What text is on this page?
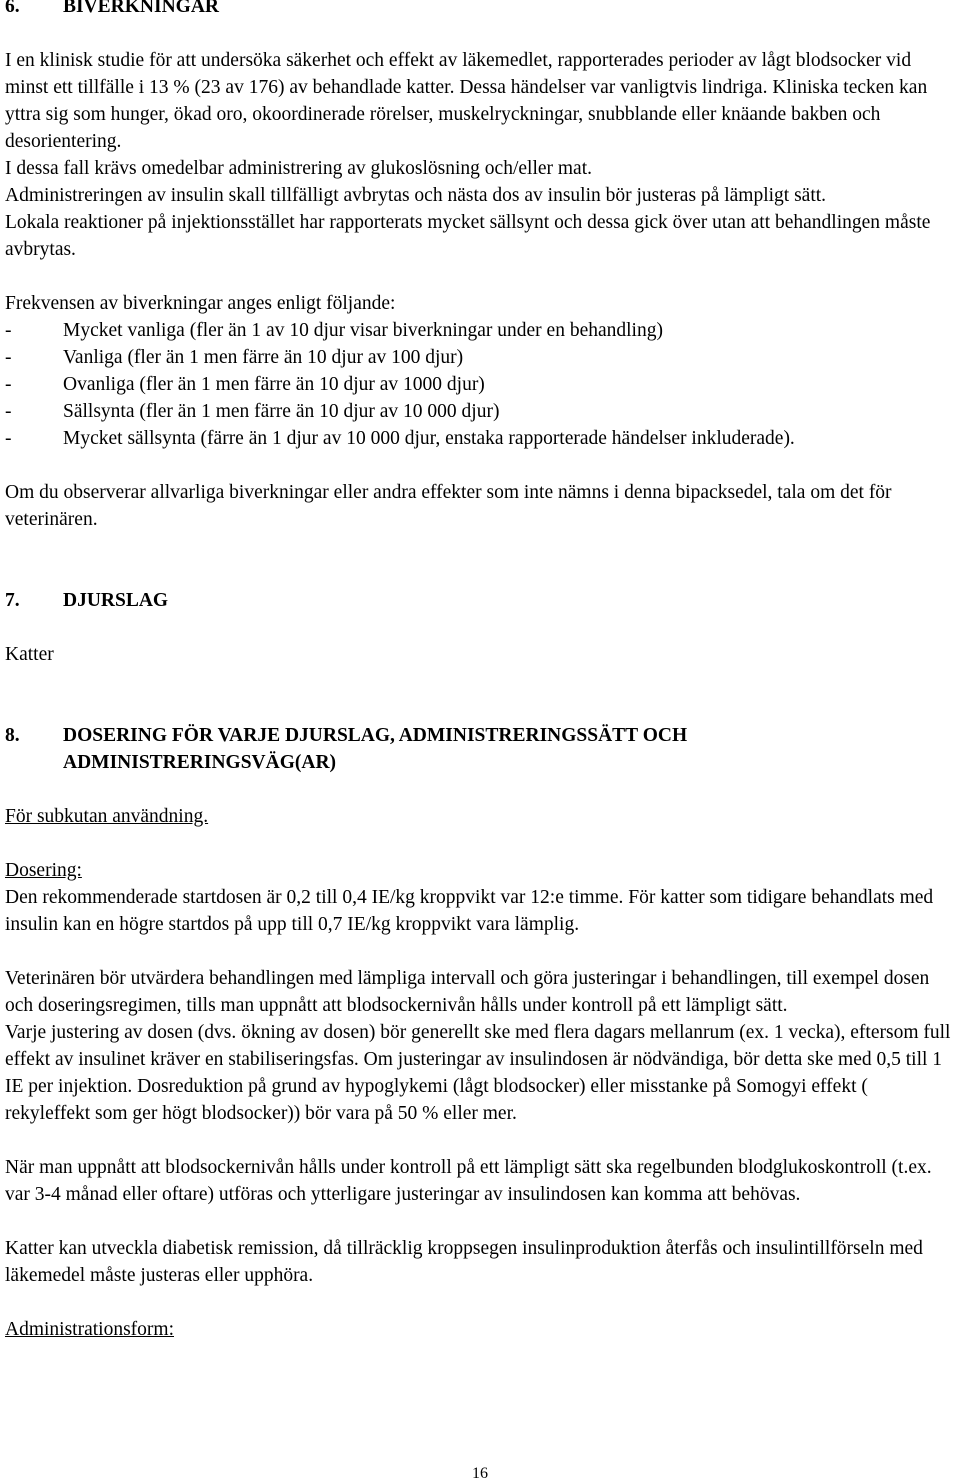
6.	BIVERKNINGAR

I en klinisk studie för att undersöka säkerhet och effekt av läkemedlet, rapporterades perioder av lågt blodsocker vid minst ett tillfälle i 13 % (23 av 176) av behandlade katter. Dessa händelser var vanligtvis lindriga. Kliniska tecken kan yttra sig som hunger, ökad oro, okoordinerade rörelser, muskelryckningar, snubblande eller knäande bakben och desorientering.

I dessa fall krävs omedelbar administrering av glukoslösning och/eller mat.

Administreringen av insulin skall tillfälligt avbrytas och nästa dos av insulin bör justeras på lämpligt sätt.

Lokala reaktioner på injektionsstället har rapporterats mycket sällsynt och dessa gick över utan att behandlingen måste avbrytas.

Frekvensen av biverkningar anges enligt följande:

-	Mycket vanliga (fler än 1 av 10 djur visar biverkningar under en behandling)
-	Vanliga (fler än 1 men färre än 10 djur av 100 djur)
-	Ovanliga (fler än 1 men färre än 10 djur av 1000 djur)
-	Sällsynta (fler än 1 men färre än 10 djur av 10 000 djur)
-	Mycket sällsynta (färre än 1 djur av 10 000 djur, enstaka rapporterade händelser inkluderade).

Om du observerar allvarliga biverkningar eller andra effekter som inte nämns i denna bipacksedel, tala om det för veterinären.

7.	DJURSLAG

Katter

8.	DOSERING FÖR VARJE DJURSLAG, ADMINISTRERINGSSÄTT OCH ADMINISTRERINGSVÄG(AR)

För subkutan användning.

Dosering:

Den rekommenderade startdosen är 0,2 till 0,4 IE/kg kroppvikt var 12:e timme. För katter som tidigare behandlats med insulin kan en högre startdos på upp till 0,7 IE/kg kroppvikt vara lämplig.

Veterinären bör utvärdera behandlingen med lämpliga intervall och göra justeringar i behandlingen, till exempel dosen och doseringsregimen, tills man uppnått att blodsockernivån hålls under kontroll på ett lämpligt sätt.

Varje justering av dosen (dvs. ökning av dosen) bör generellt ske med flera dagars mellanrum (ex. 1 vecka), eftersom full effekt av insulinet kräver en stabiliseringsfas. Om justeringar av insulindosen är nödvändiga, bör detta ske med 0,5 till 1 IE per injektion. Dosreduktion på grund av hypoglykemi (lågt blodsocker) eller misstanke på Somogyi effekt ( rekyleffekt som ger högt blodsocker)) bör vara på 50 % eller mer.

När man uppnått att blodsockernivån hålls under kontroll på ett lämpligt sätt ska regelbunden blodglukoskontroll (t.ex. var 3-4 månad eller oftare) utföras och ytterligare justeringar av insulindosen kan komma att behövas.

Katter kan utveckla diabetisk remission, då tillräcklig kroppsegen insulinproduktion återfås och insulintillförseln med läkemedel måste justeras eller upphöra.

Administrationsform:

16
